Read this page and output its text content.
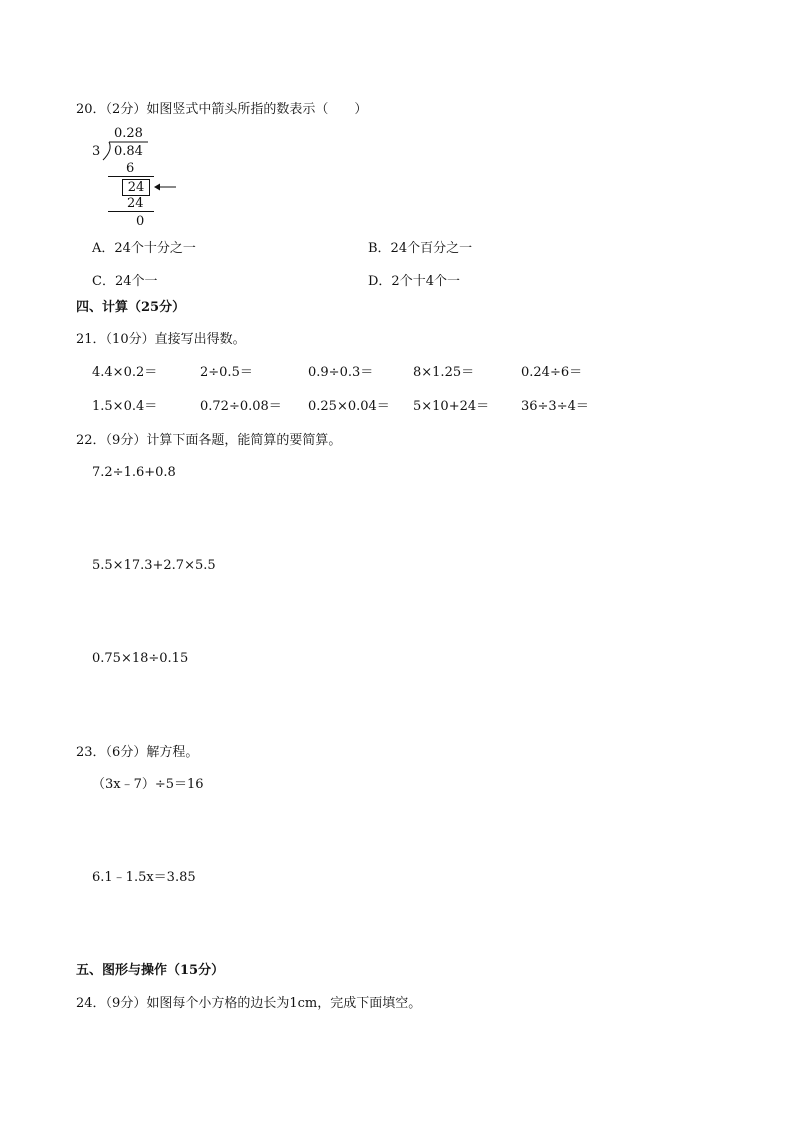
20．（2分）如图竖式中箭头所指的数表示（　　）
0.28
3 0.84
6
24
24
0
A．24个十分之一	B．24个百分之一
C．24个一	D．2个十4个一
四、计算（25分）
21．（10分）直接写出得数。
4.4×0.2＝	2÷0.5＝	0.9÷0.3＝	8×1.25＝	0.24÷6＝
1.5×0.4＝	0.72÷0.08＝ 0.25×0.04＝ 5×10+24＝ 36÷3÷4＝
22．（9分）计算下面各题，能简算的要简算。
7.2÷1.6+0.8
5.5×17.3+2.7×5.5
0.75×18÷0.15
23．（6分）解方程。
（3x﹣7）÷5＝16
6.1﹣1.5x＝3.85
五、图形与操作（15分）
24．（9分）如图每个小方格的边长为1cm，完成下面填空。
